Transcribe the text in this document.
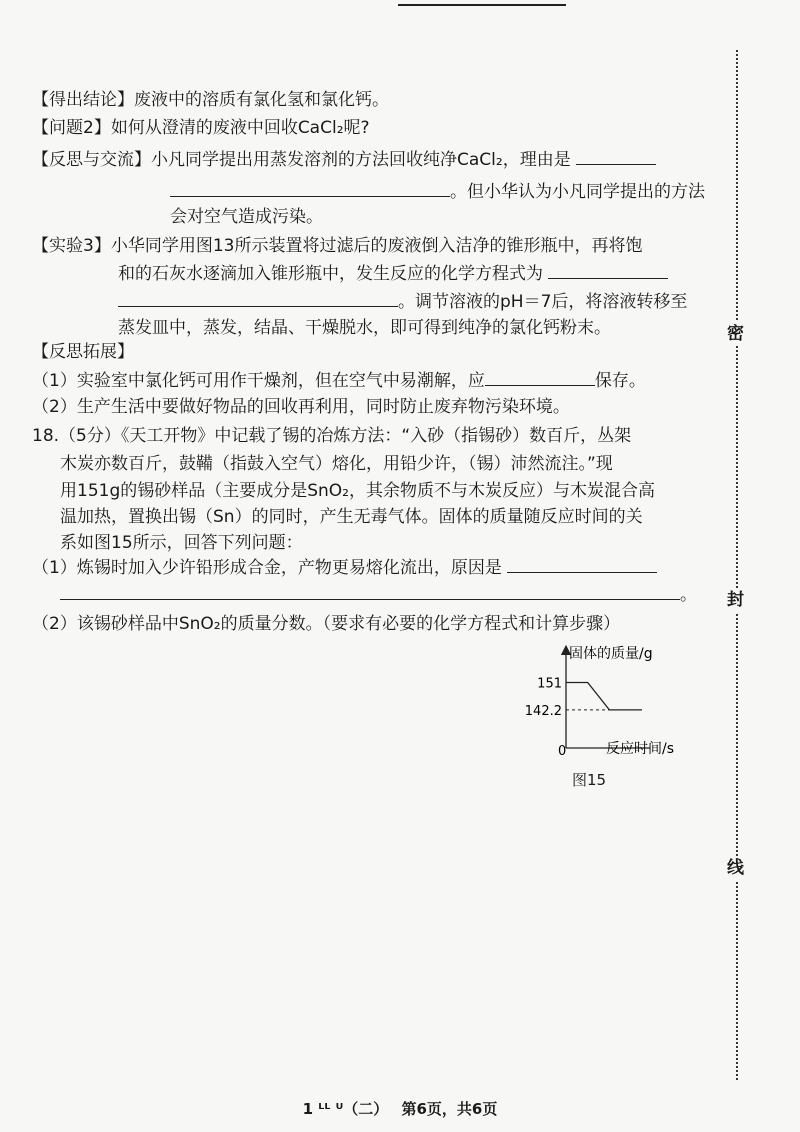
密
封
线
【得出结论】废液中的溶质有氯化氢和氯化钙。
【问题2】如何从澄清的废液中回收CaCl₂呢?
【反思与交流】小凡同学提出用蒸发溶剂的方法回收纯净CaCl₂，理由是
。但小华认为小凡同学提出的方法
会对空气造成污染。
【实验3】小华同学用图13所示装置将过滤后的废液倒入洁净的锥形瓶中，再将饱
和的石灰水逐滴加入锥形瓶中，发生反应的化学方程式为
。调节溶液的pH＝7后，将溶液转移至
蒸发皿中，蒸发，结晶、干燥脱水，即可得到纯净的氯化钙粉末。
【反思拓展】
（1）实验室中氯化钙可用作干燥剂，但在空气中易潮解，应	保存。
（2）生产生活中要做好物品的回收再利用，同时防止废弃物污染环境。
18.（5分）《天工开物》中记载了锡的冶炼方法：“入砂（指锡砂）数百斤，丛架
木炭亦数百斤，鼓鞴（指鼓入空气）熔化，用铅少许，（锡）沛然流注。”现
用151g的锡砂样品（主要成分是SnO₂，其余物质不与木炭反应）与木炭混合高
温加热，置换出锡（Sn）的同时，产生无毒气体。固体的质量随反应时间的关
系如图15所示，回答下列问题：
（1）炼锡时加入少许铅形成合金，产物更易熔化流出，原因是
。
（2）该锡砂样品中SnO₂的质量分数。（要求有必要的化学方程式和计算步骤）
固体的质量/g
反应时间/s
0
151
142.2
图15
1 ᴸᴸ ᵁ（二） 第6页，共6页
